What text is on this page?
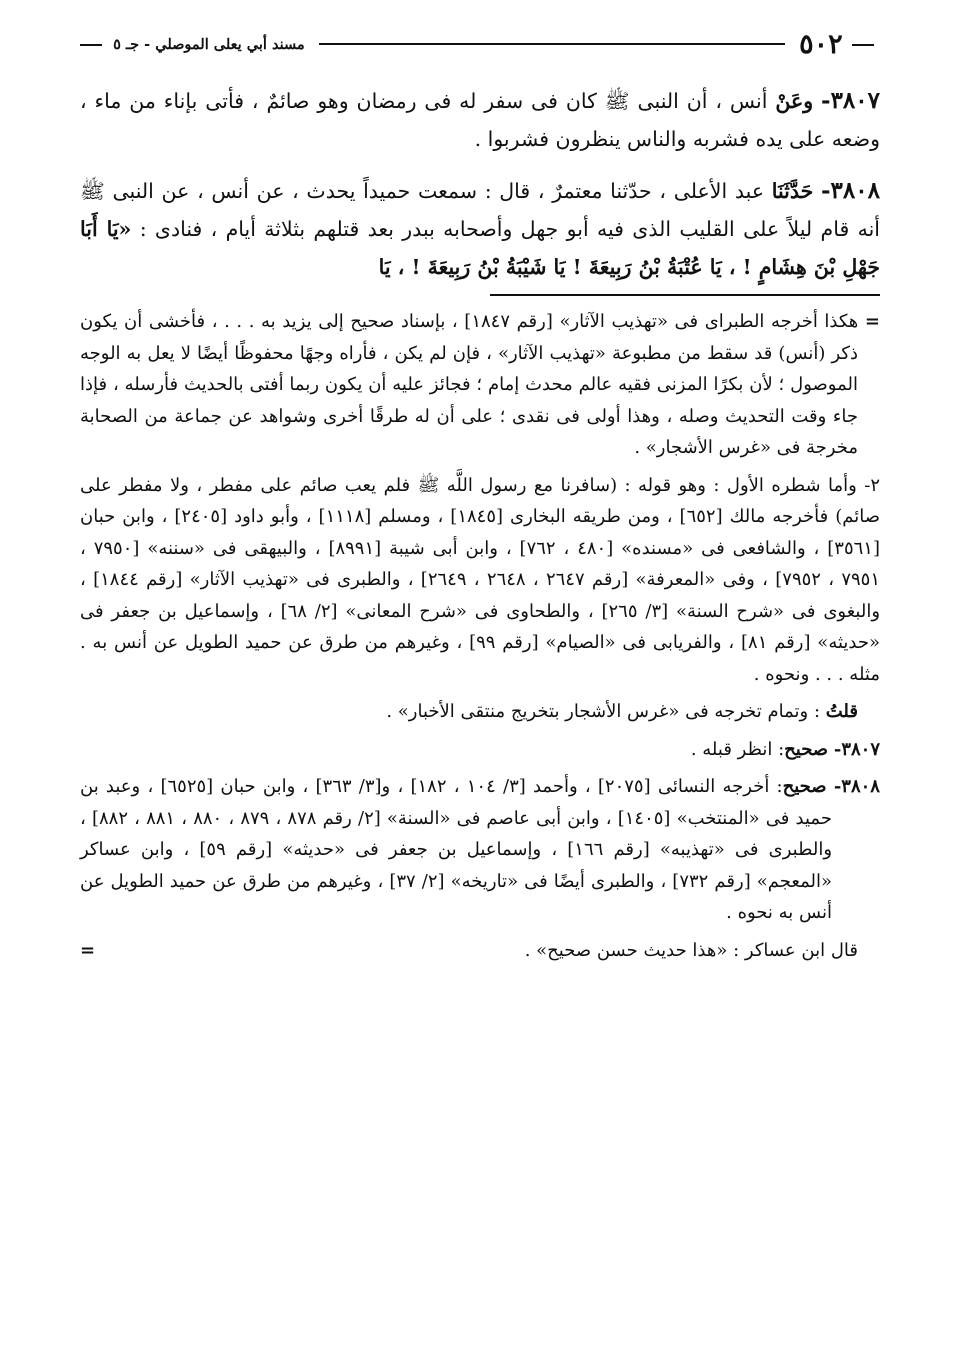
٥٠٢
مسند أبي يعلى الموصلي - جـ ٥

٣٨٠٧- وعَنْ أنس ، أن النبى ﷺ كان فى سفر له فى رمضان وهو صائمٌ ، فأتى بإناء من ماء ، وضعه على يده فشربه والناس ينظرون فشربوا .

٣٨٠٨- حَدَّثَنَا عبد الأعلى ، حدّثنا معتمرٌ ، قال : سمعت حميداً يحدث ، عن أنس ، عن النبى ﷺ أنه قام ليلاً على القليب الذى فيه أبو جهل وأصحابه ببدر بعد قتلهم بثلاثة أيام ، فنادى : «يَا أَبَا جَهْلِ بْنَ هِشَامٍ ! ، يَا عُتْبَةُ بْنُ رَبِيعَةَ ! يَا شَيْبَةُ بْنُ رَبِيعَةَ ! ، يَا

= هكذا أخرجه الطبراى فى «تهذيب الآثار» [رقم ١٨٤٧] ، بإسناد صحيح إلى يزيد به . . . ، فأخشى أن يكون ذكر (أنس) قد سقط من مطبوعة «تهذيب الآثار» ، فإن لم يكن ، فأراه وجهًا محفوظًا أيضًا لا يعل به الوجه الموصول ؛ لأن بكرًا المزنى فقيه عالم محدث إمام ؛ فجائز عليه أن يكون ربما أفتى بالحديث فأرسله ، فإذا جاء وقت التحديث وصله ، وهذا أولى فى نقدى ؛ على أن له طرقًا أخرى وشواهد عن جماعة من الصحابة مخرجة فى «غرس الأشجار» .

٢- وأما شطره الأول : وهو قوله : (سافرنا مع رسول اللَّه ﷺ فلم يعب صائم على مفطر ، ولا مفطر على صائم) فأخرجه مالك [٦٥٢] ، ومن طريقه البخارى [١٨٤٥] ، ومسلم [١١١٨] ، وأبو داود [٢٤٠٥] ، وابن حبان [٣٥٦١] ، والشافعى فى «مسنده» [٤٨٠ ، ٧٦٢] ، وابن أبى شيبة [٨٩٩١] ، والبيهقى فى «سننه» [٧٩٥٠ ، ٧٩٥١ ، ٧٩٥٢] ، وفى «المعرفة» [رقم ٢٦٤٧ ، ٢٦٤٨ ، ٢٦٤٩] ، والطبرى فى «تهذيب الآثار» [رقم ١٨٤٤] ، والبغوى فى «شرح السنة» [٣/ ٢٦٥] ، والطحاوى فى «شرح المعانى» [٢/ ٦٨] ، وإسماعيل بن جعفر فى «حديثه» [رقم ٨١] ، والفريابى فى «الصيام» [رقم ٩٩] ، وغيرهم من طرق عن حميد الطويل عن أنس به . مثله . . . ونحوه .

قلتُ : وتمام تخرجه فى «غرس الأشجار بتخريج منتقى الأخبار» .

٣٨٠٧- صحيح: انظر قبله .

٣٨٠٨- صحيح: أخرجه النسائى [٢٠٧٥] ، وأحمد [٣/ ١٠٤ ، ١٨٢] ، و[٣/ ٣٦٣] ، وابن حبان [٦٥٢٥] ، وعبد بن حميد فى «المنتخب» [١٤٠٥] ، وابن أبى عاصم فى «السنة» [٢/ رقم ٨٧٨ ، ٨٧٩ ، ٨٨٠ ، ٨٨١ ، ٨٨٢] ، والطبرى فى «تهذيبه» [رقم ١٦٦] ، وإسماعيل بن جعفر فى «حديثه» [رقم ٥٩] ، وابن عساكر «المعجم» [رقم ٧٣٢] ، والطبرى أيضًا فى «تاريخه» [٢/ ٣٧] ، وغيرهم من طرق عن حميد الطويل عن أنس به نحوه .

قال ابن عساكر : «هذا حديث حسن صحيح» .
=
